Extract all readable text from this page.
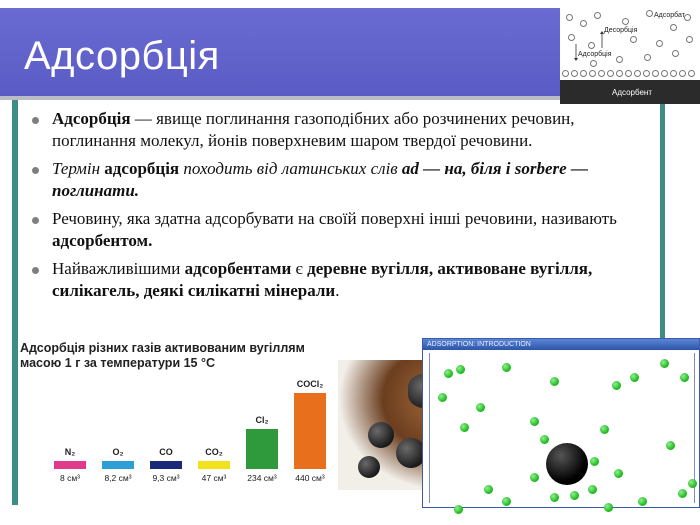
Адсорбція
Адсорбат
Десорбція
Адсорбція
Адсорбент
Адсорбція — явище поглинання газоподібних або розчинених речовин, поглинання молекул, йонів поверхневим шаром твердої речовини.
Термін адсорбція походить від латинських слів ad — на, біля і sorbere — поглинати.
Речовину, яка здатна адсорбувати на своїй поверхні інші речовини, називають адсорбентом.
Найважливішими адсорбентами є деревне вугілля, активоване вугілля, силікагель, деякі силікатні мінерали.
Адсорбція різних газів активованим вугіллям
масою 1 г за температури 15 °C
N₂
8 см³
O₂
8,2 см³
CO
9,3 см³
CO₂
47 см³
Cl₂
234 см³
COCl₂
440 см³
ADSORPTION: INTRODUCTION
